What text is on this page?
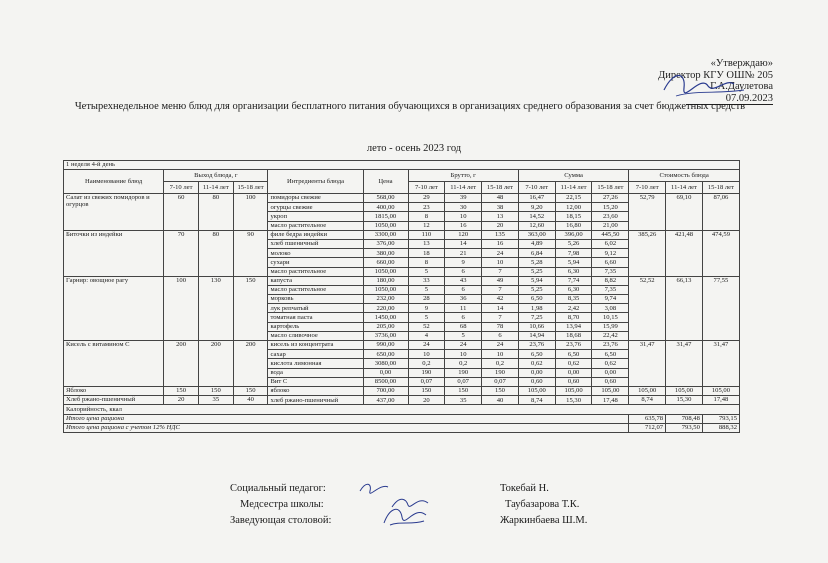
«Утверждаю»
Директор КГУ ОШ№ 205
Г.А.Даулетова
07.09.2023
Четырехнедельное меню блюд для организации бесплатного питания обучающихся в организациях среднего образования за счет бюджетных средств
лето - осень 2023 год
1 неделя 4-й день														
Наименование блюд	Выход блюда, г			Интредиенты блюда	Цена	Брутто, г			Сумма			Стоимость блюда		
	7-10 лет	11-14 лет	15-18 лет			7-10 лет	11-14 лет	15-18 лет	7-10 лет	11-14 лет	15-18 лет	7-10 лет	11-14 лет	15-18 лет
Салат из свежих помидоров и огурцов	60	80	100	помидоры свежие	568,00	29	39	48	16,47	22,15	27,26	52,79	69,10	87,06
				огурцы свежие	400,00	23	30	38	9,20	12,00	15,20			
				укроп	1815,00	8	10	13	14,52	18,15	23,60			
				масло растительное	1050,00	12	16	20	12,60	16,80	21,00			
Биточки из индейки	70	80	90	филе бедра индейки	3300,00	110	120	135	363,00	396,00	445,50	385,26	421,48	474,59
				хлеб пшеничный	376,00	13	14	16	4,89	5,26	6,02			
				молоко	380,00	18	21	24	6,84	7,98	9,12			
				сухари	660,00	8	9	10	5,28	5,94	6,60			
				масло растительное	1050,00	5	6	7	5,25	6,30	7,35			
Гарнир: овощное рагу	100	130	150	капуста	180,00	33	43	49	5,94	7,74	8,82	52,52	66,13	77,55
				масло растительное	1050,00	5	6	7	5,25	6,30	7,35			
				морковь	232,00	28	36	42	6,50	8,35	9,74			
				лук репчатый	220,00	9	11	14	1,98	2,42	3,08			
				томатная паста	1450,00	5	6	7	7,25	8,70	10,15			
				картофель	205,00	52	68	78	10,66	13,94	15,99			
				масло сливочное	3736,00	4	5	6	14,94	18,68	22,42			
Кисель с витамином С	200	200	200	кисель из концентрата	990,00	24	24	24	23,76	23,76	23,76	31,47	31,47	31,47
				сахар	650,00	10	10	10	6,50	6,50	6,50			
				кислота лимонная	3080,00	0,2	0,2	0,2	0,62	0,62	0,62			
				вода	0,00	190	190	190	0,00	0,00	0,00			
				Вит С	8500,00	0,07	0,07	0,07	0,60	0,60	0,60			
Яблоко	150	150	150	яблоко	700,00	150	150	150	105,00	105,00	105,00	105,00	105,00	105,00
Хлеб ржано-пшеничный	20	35	40	хлеб ржано-пшеничный	437,00	20	35	40	8,74	15,30	17,48	8,74	15,30	17,48
Калорийность, ккал														
Итого цена рациона												635,78	708,48	793,15
Итого цена рациона с учетом 12% НДС												712,07	793,50	888,32
Социальный педагог:	Токебай Н.
Медсестра школы:	Таубазарова Т.К.
Заведующая столовой:	Жаркинбаева Ш.М.
